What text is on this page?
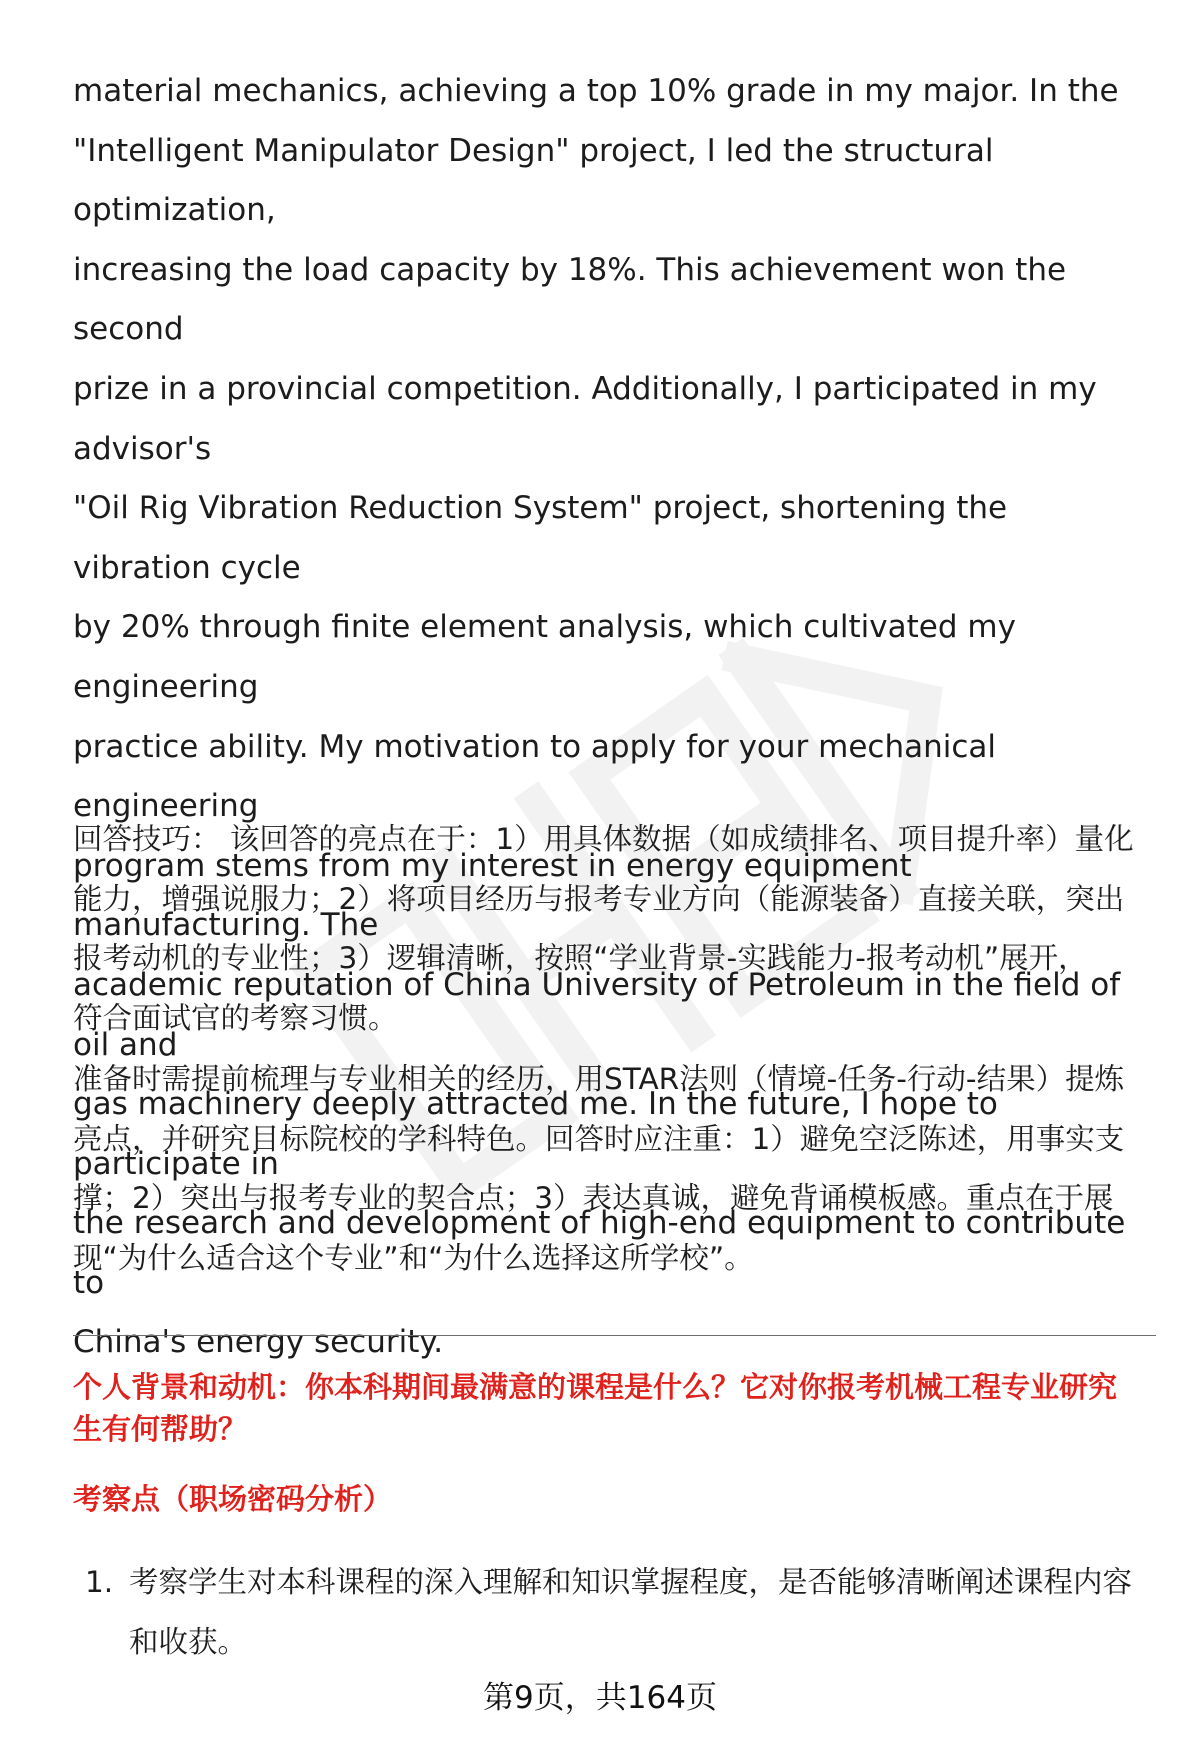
material mechanics, achieving a top 10% grade in my major. In the
"Intelligent Manipulator Design" project, I led the structural optimization,
increasing the load capacity by 18%. This achievement won the second
prize in a provincial competition. Additionally, I participated in my advisor's
"Oil Rig Vibration Reduction System" project, shortening the vibration cycle
by 20% through finite element analysis, which cultivated my engineering
practice ability. My motivation to apply for your mechanical engineering
program stems from my interest in energy equipment manufacturing. The
academic reputation of China University of Petroleum in the field of oil and
gas machinery deeply attracted me. In the future, I hope to participate in
the research and development of high-end equipment to contribute to
China's energy security.

回答技巧： 该回答的亮点在于：1）用具体数据（如成绩排名、项目提升率）量化
能力，增强说服力；2）将项目经历与报考专业方向（能源装备）直接关联，突出
报考动机的专业性；3）逻辑清晰，按照“学业背景-实践能力-报考动机”展开，
符合面试官的考察习惯。

准备时需提前梳理与专业相关的经历，用STAR法则（情境-任务-行动-结果）提炼
亮点，并研究目标院校的学科特色。回答时应注重：1）避免空泛陈述，用事实支
撑；2）突出与报考专业的契合点；3）表达真诚，避免背诵模板感。重点在于展
现“为什么适合这个专业”和“为什么选择这所学校”。

个人背景和动机：你本科期间最满意的课程是什么？它对你报考机械工程专业研究
生有何帮助？
考察点（职场密码分析）
1. 考察学生对本科课程的深入理解和知识掌握程度，是否能够清晰阐述课程内容
和收获。
第9页，共164页
